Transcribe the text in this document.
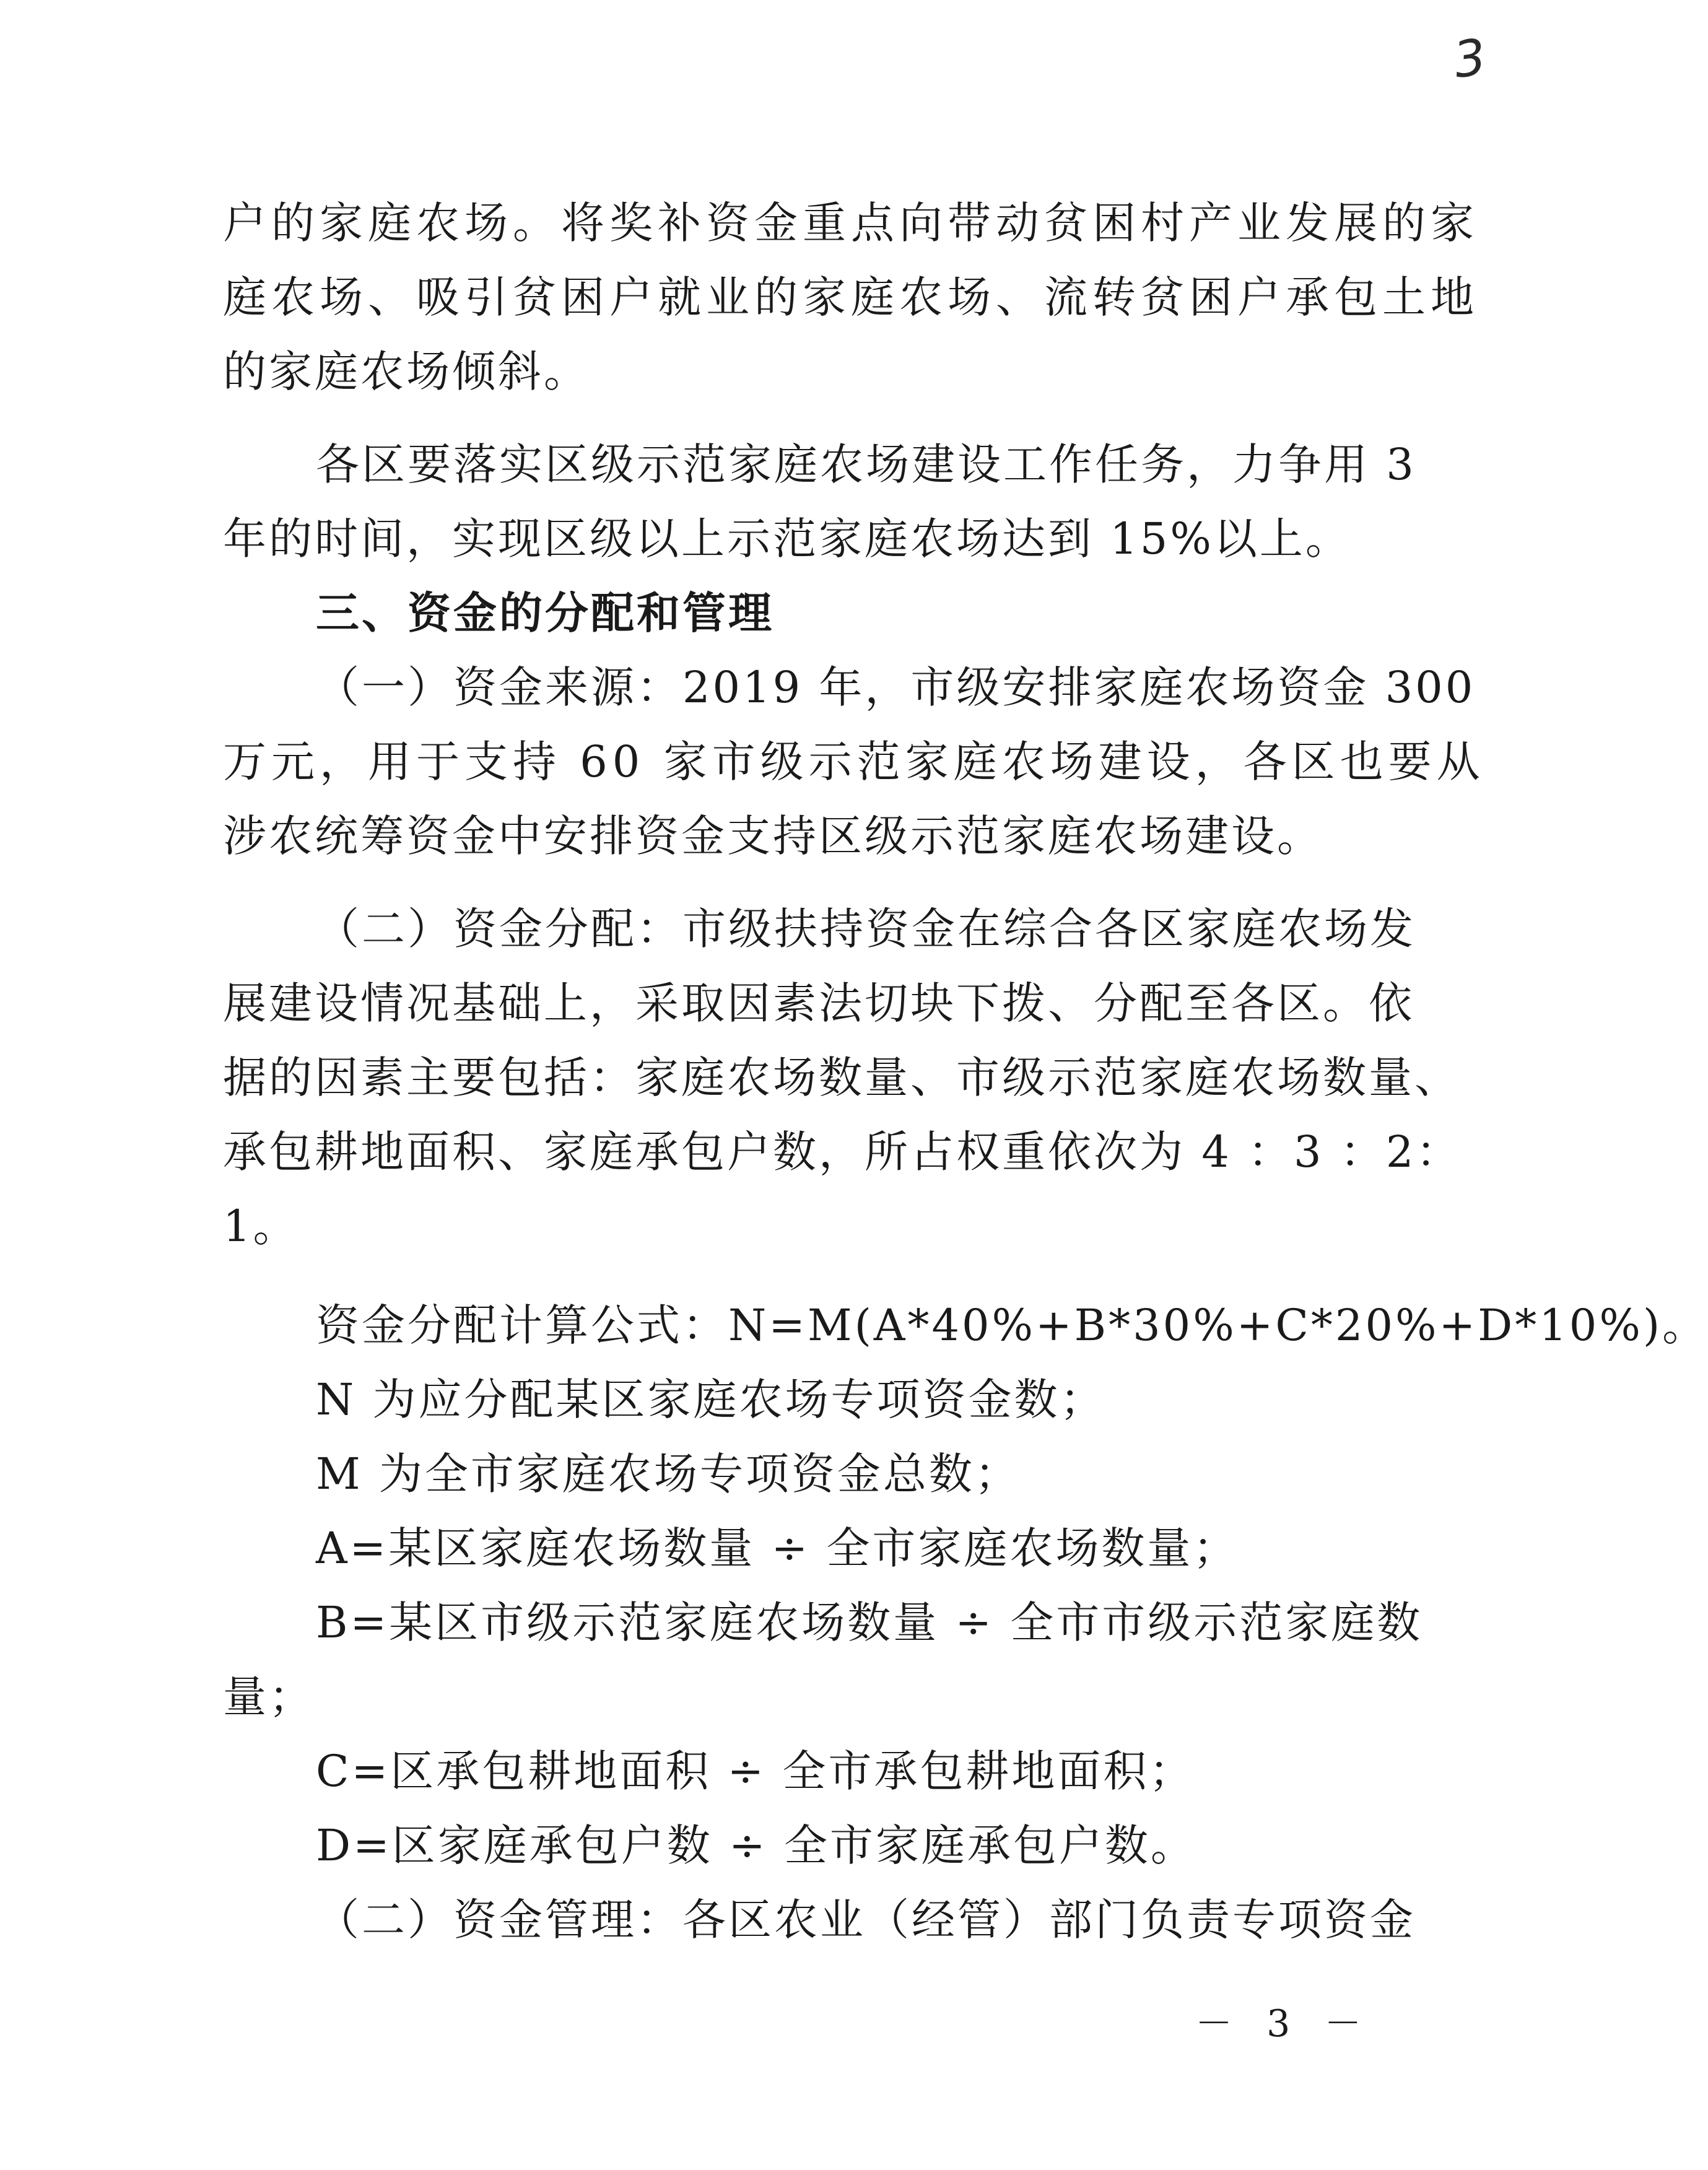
3
户的家庭农场。将奖补资金重点向带动贫困村产业发展的家
庭农场、吸引贫困户就业的家庭农场、流转贫困户承包土地
的家庭农场倾斜。
各区要落实区级示范家庭农场建设工作任务，力争用 3
年的时间，实现区级以上示范家庭农场达到 15%以上。
三、资金的分配和管理
（一）资金来源：2019 年，市级安排家庭农场资金 300
万元，用于支持 60 家市级示范家庭农场建设，各区也要从
涉农统筹资金中安排资金支持区级示范家庭农场建设。
（二）资金分配：市级扶持资金在综合各区家庭农场发
展建设情况基础上，采取因素法切块下拨、分配至各区。依
据的因素主要包括：家庭农场数量、市级示范家庭农场数量、
承包耕地面积、家庭承包户数，所占权重依次为 4 ：3 ：2：
1。
资金分配计算公式：N=M(A*40%+B*30%+C*20%+D*10%)。
N 为应分配某区家庭农场专项资金数；
M 为全市家庭农场专项资金总数；
A=某区家庭农场数量 ÷ 全市家庭农场数量；
B=某区市级示范家庭农场数量 ÷ 全市市级示范家庭数
量；
C=区承包耕地面积 ÷ 全市承包耕地面积；
D=区家庭承包户数 ÷ 全市家庭承包户数。
（二）资金管理：各区农业（经管）部门负责专项资金
－ 3 －
